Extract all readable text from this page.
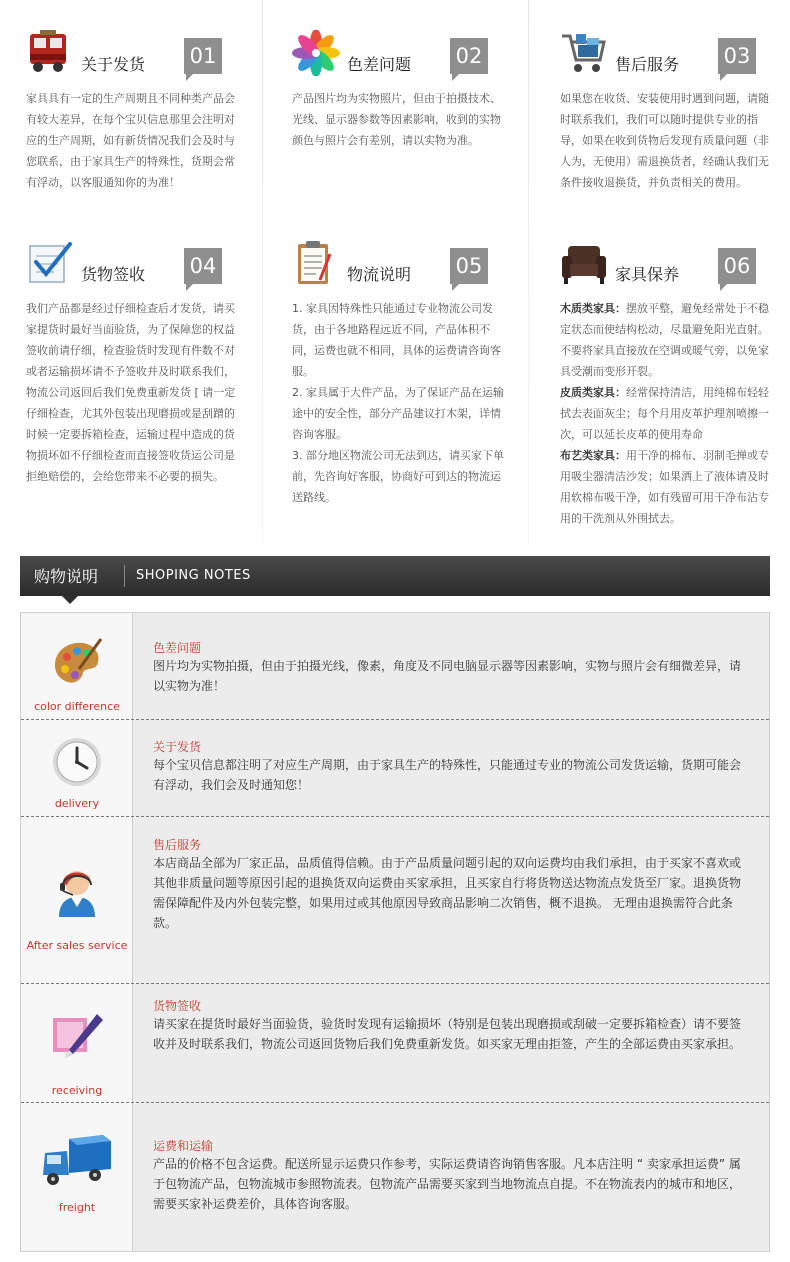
关于发货 01

家具具有一定的生产周期且不同种类产品会有较大差异，在每个宝贝信息那里会注明对应的生产周期，如有新货情况我们会及时与您联系，由于家具生产的特殊性，货期会常有浮动，以客服通知你的为准！

色差问题 02

产品图片均为实物照片，但由于拍摄技术、光线、显示器参数等因素影响，收到的实物颜色与照片会有差别，请以实物为准。

售后服务 03

如果您在收货、安装使用时遇到问题，请随时联系我们，我们可以随时提供专业的指导，如果在收到货物后发现有质量问题（非人为，无使用）需退换货者，经确认我们无条件接收退换货，并负责相关的费用。

货物签收 04

我们产品都是经过仔细检查后才发货，请买家提货时最好当面验货，为了保障您的权益签收前请仔细，检查验货时发现有件数不对或者运输损坏请不予签收并及时联系我们，物流公司返回后我们免费重新发货 [ 请一定仔细检查，尤其外包装出现磨损或是刮蹭的时候一定要拆箱检查，运输过程中造成的货物损坏如不仔细检查而直接签收货运公司是拒绝赔偿的，会给您带来不必要的损失。

物流说明 05

1. 家具因特殊性只能通过专业物流公司发货，由于各地路程远近不同，产品体积不同，运费也就不相同，具体的运费请咨询客服。

2. 家具属于大件产品，为了保证产品在运输途中的安全性，部分产品建议打木架，详情咨询客服。

3. 部分地区物流公司无法到达，请买家下单前，先咨询好客服，协商好可到达的物流运送路线。

家具保养 06

木质类家具：摆放平整，避免经常处于不稳定状态而使结构松动，尽量避免阳光直射。不要将家具直接放在空调或暖气旁，以免家具受潮而变形开裂。

皮质类家具：经常保持清洁，用纯棉布轻轻拭去表面灰尘；每个月用皮革护理剂喷擦一次，可以延长皮革的使用寿命

布艺类家具：用干净的棉布、羽制毛掸或专用吸尘器清洁沙发；如果洒上了液体请及时用软棉布吸干净，如有残留可用干净布沾专用的干洗剂从外围拭去。

购物说明	SHOPING NOTES
color difference
色差问题
图片均为实物拍摄，但由于拍摄光线，像素，角度及不同电脑显示器等因素影响，实物与照片会有细微差异，请以实物为准！
delivery
关于发货
每个宝贝信息都注明了对应生产周期，由于家具生产的特殊性，只能通过专业的物流公司发货运输，货期可能会有浮动，我们会及时通知您！
After sales service
售后服务
本店商品全部为厂家正品，品质值得信赖。由于产品质量问题引起的双向运费均由我们承担，由于买家不喜欢或其他非质量问题等原因引起的退换货双向运费由买家承担，且买家自行将货物送达物流点发货至厂家。退换货物需保障配件及内外包装完整，如果用过或其他原因导致商品影响二次销售，概不退换。 无理由退换需符合此条款。
receiving
货物签收
请买家在提货时最好当面验货，验货时发现有运输损坏（特别是包装出现磨损或刮破一定要拆箱检查）请不要签收并及时联系我们，物流公司返回货物后我们免费重新发货。如买家无理由拒签，产生的全部运费由买家承担。
freight
运费和运输
产品的价格不包含运费。配送所显示运费只作参考，实际运费请咨询销售客服。凡本店注明 “ 卖家承担运费” 属于包物流产品，包物流城市参照物流表。包物流产品需要买家到当地物流点自提。不在物流表内的城市和地区，需要买家补运费差价，具体咨询客服。
